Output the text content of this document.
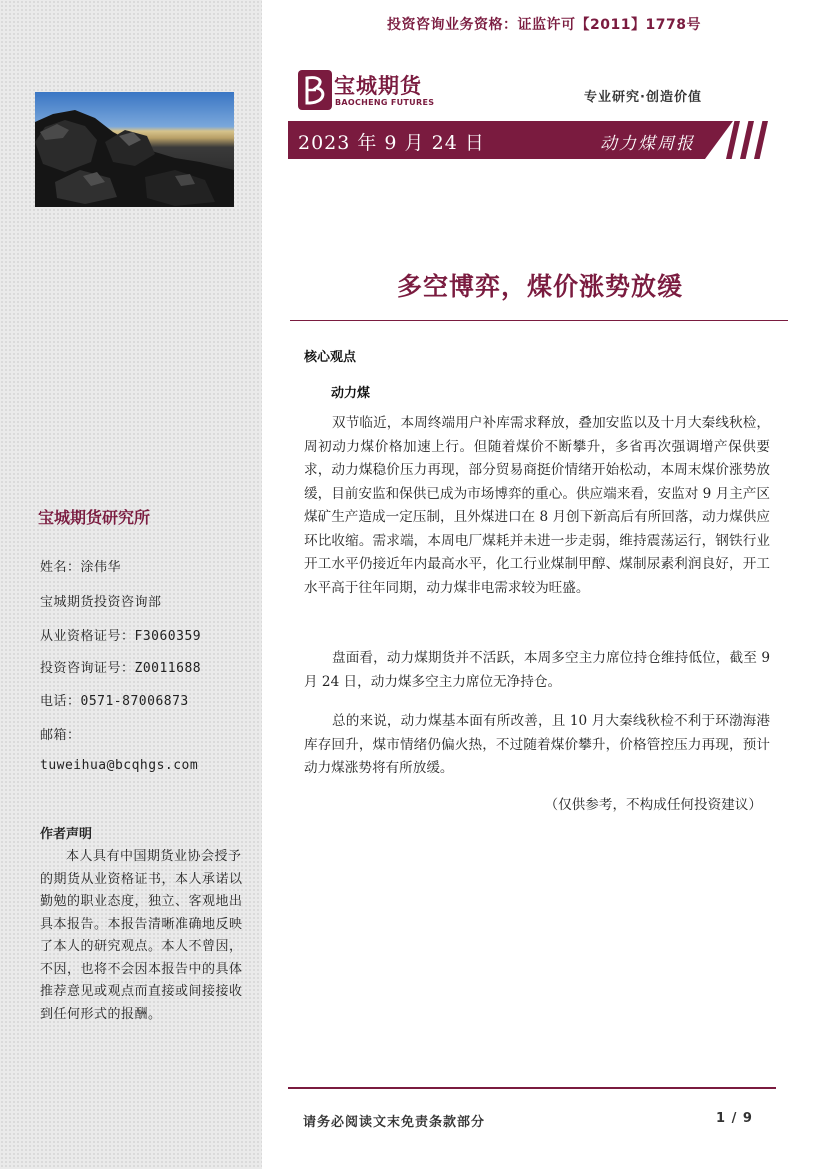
宝城期货研究所
姓名：涂伟华
宝城期货投资咨询部
从业资格证号：F3060359
投资咨询证号：Z0011688
电话：0571-87006873
邮箱：
tuweihua@bcqhgs.com
作者声明
本人具有中国期货业协会授予的期货从业资格证书，本人承诺以勤勉的职业态度，独立、客观地出具本报告。本报告清晰准确地反映了本人的研究观点。本人不曾因，不因，也将不会因本报告中的具体推荐意见或观点而直接或间接接收到任何形式的报酬。
投资咨询业务资格：证监许可【2011】1778号
宝城期货
BAOCHENG FUTURES	专业研究·创造价值
2023 年 9 月 24 日	动力煤周报
多空博弈，煤价涨势放缓
核心观点
动力煤
双节临近，本周终端用户补库需求释放，叠加安监以及十月大秦线秋检，周初动力煤价格加速上行。但随着煤价不断攀升，多省再次强调增产保供要求，动力煤稳价压力再现，部分贸易商挺价情绪开始松动，本周末煤价涨势放缓，目前安监和保供已成为市场博弈的重心。供应端来看，安监对 9 月主产区煤矿生产造成一定压制，且外煤进口在 8 月创下新高后有所回落，动力煤供应环比收缩。需求端，本周电厂煤耗并未进一步走弱，维持震荡运行，钢铁行业开工水平仍接近年内最高水平，化工行业煤制甲醇、煤制尿素利润良好，开工水平高于往年同期，动力煤非电需求较为旺盛。
盘面看，动力煤期货并不活跃，本周多空主力席位持仓维持低位，截至 9 月 24 日，动力煤多空主力席位无净持仓。
总的来说，动力煤基本面有所改善，且 10 月大秦线秋检不利于环渤海港库存回升，煤市情绪仍偏火热，不过随着煤价攀升，价格管控压力再现，预计动力煤涨势将有所放缓。
（仅供参考，不构成任何投资建议）
请务必阅读文末免责条款部分	1 / 9
